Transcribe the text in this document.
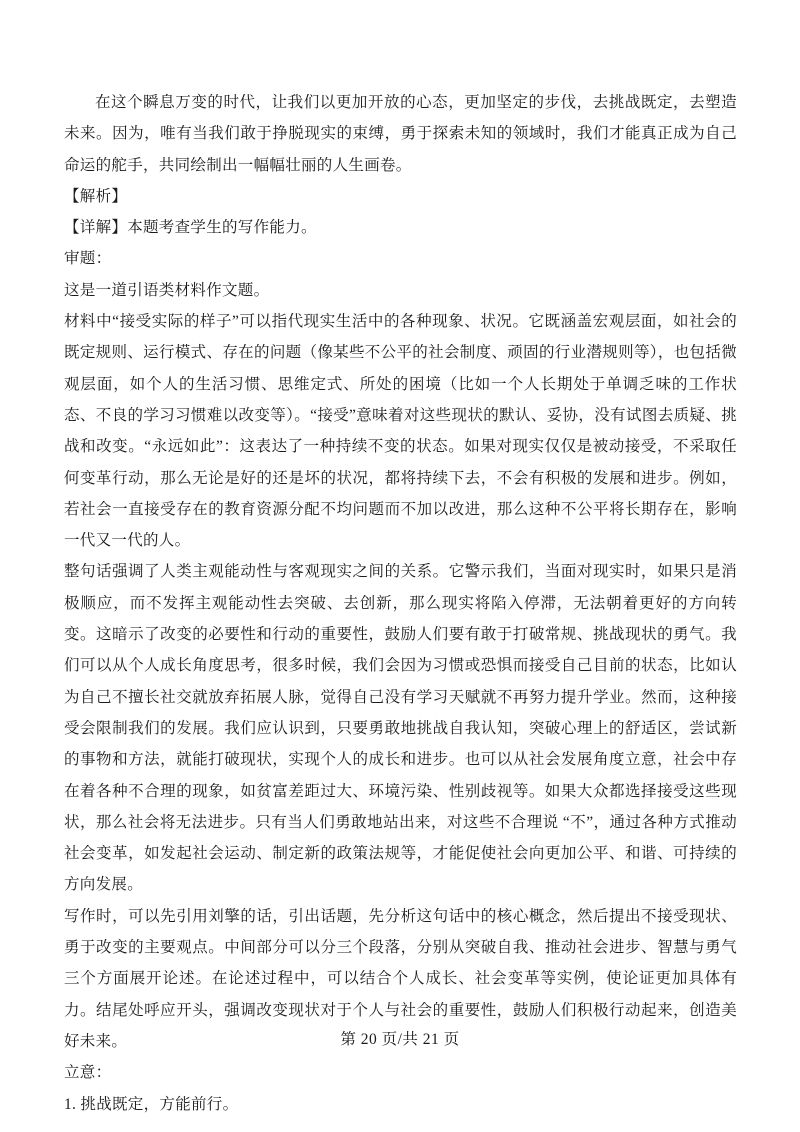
在这个瞬息万变的时代，让我们以更加开放的心态，更加坚定的步伐，去挑战既定，去塑造未来。因为，唯有当我们敢于挣脱现实的束缚，勇于探索未知的领域时，我们才能真正成为自己命运的舵手，共同绘制出一幅幅壮丽的人生画卷。

【解析】

【详解】本题考查学生的写作能力。

审题：

这是一道引语类材料作文题。

材料中“接受实际的样子”可以指代现实生活中的各种现象、状况。它既涵盖宏观层面，如社会的既定规则、运行模式、存在的问题（像某些不公平的社会制度、顽固的行业潜规则等），也包括微观层面，如个人的生活习惯、思维定式、所处的困境（比如一个人长期处于单调乏味的工作状态、不良的学习习惯难以改变等）。“接受”意味着对这些现状的默认、妥协，没有试图去质疑、挑战和改变。“永远如此”：这表达了一种持续不变的状态。如果对现实仅仅是被动接受，不采取任何变革行动，那么无论是好的还是坏的状况，都将持续下去，不会有积极的发展和进步。例如，若社会一直接受存在的教育资源分配不均问题而不加以改进，那么这种不公平将长期存在，影响一代又一代的人。

整句话强调了人类主观能动性与客观现实之间的关系。它警示我们，当面对现实时，如果只是消极顺应，而不发挥主观能动性去突破、去创新，那么现实将陷入停滞，无法朝着更好的方向转变。这暗示了改变的必要性和行动的重要性，鼓励人们要有敢于打破常规、挑战现状的勇气。我们可以从个人成长角度思考，很多时候，我们会因为习惯或恐惧而接受自己目前的状态，比如认为自己不擅长社交就放弃拓展人脉，觉得自己没有学习天赋就不再努力提升学业。然而，这种接受会限制我们的发展。我们应认识到，只要勇敢地挑战自我认知，突破心理上的舒适区，尝试新的事物和方法，就能打破现状，实现个人的成长和进步。也可以从社会发展角度立意，社会中存在着各种不合理的现象，如贫富差距过大、环境污染、性别歧视等。如果大众都选择接受这些现状，那么社会将无法进步。只有当人们勇敢地站出来，对这些不合理说 “不”，通过各种方式推动社会变革，如发起社会运动、制定新的政策法规等，才能促使社会向更加公平、和谐、可持续的方向发展。

写作时，可以先引用刘擎的话，引出话题，先分析这句话中的核心概念，然后提出不接受现状、勇于改变的主要观点。中间部分可以分三个段落，分别从突破自我、推动社会进步、智慧与勇气三个方面展开论述。在论述过程中，可以结合个人成长、社会变革等实例，使论证更加具体有力。结尾处呼应开头，强调改变现状对于个人与社会的重要性，鼓励人们积极行动起来，创造美好未来。

立意：

1. 挑战既定，方能前行。

第 20 页/共 21 页
